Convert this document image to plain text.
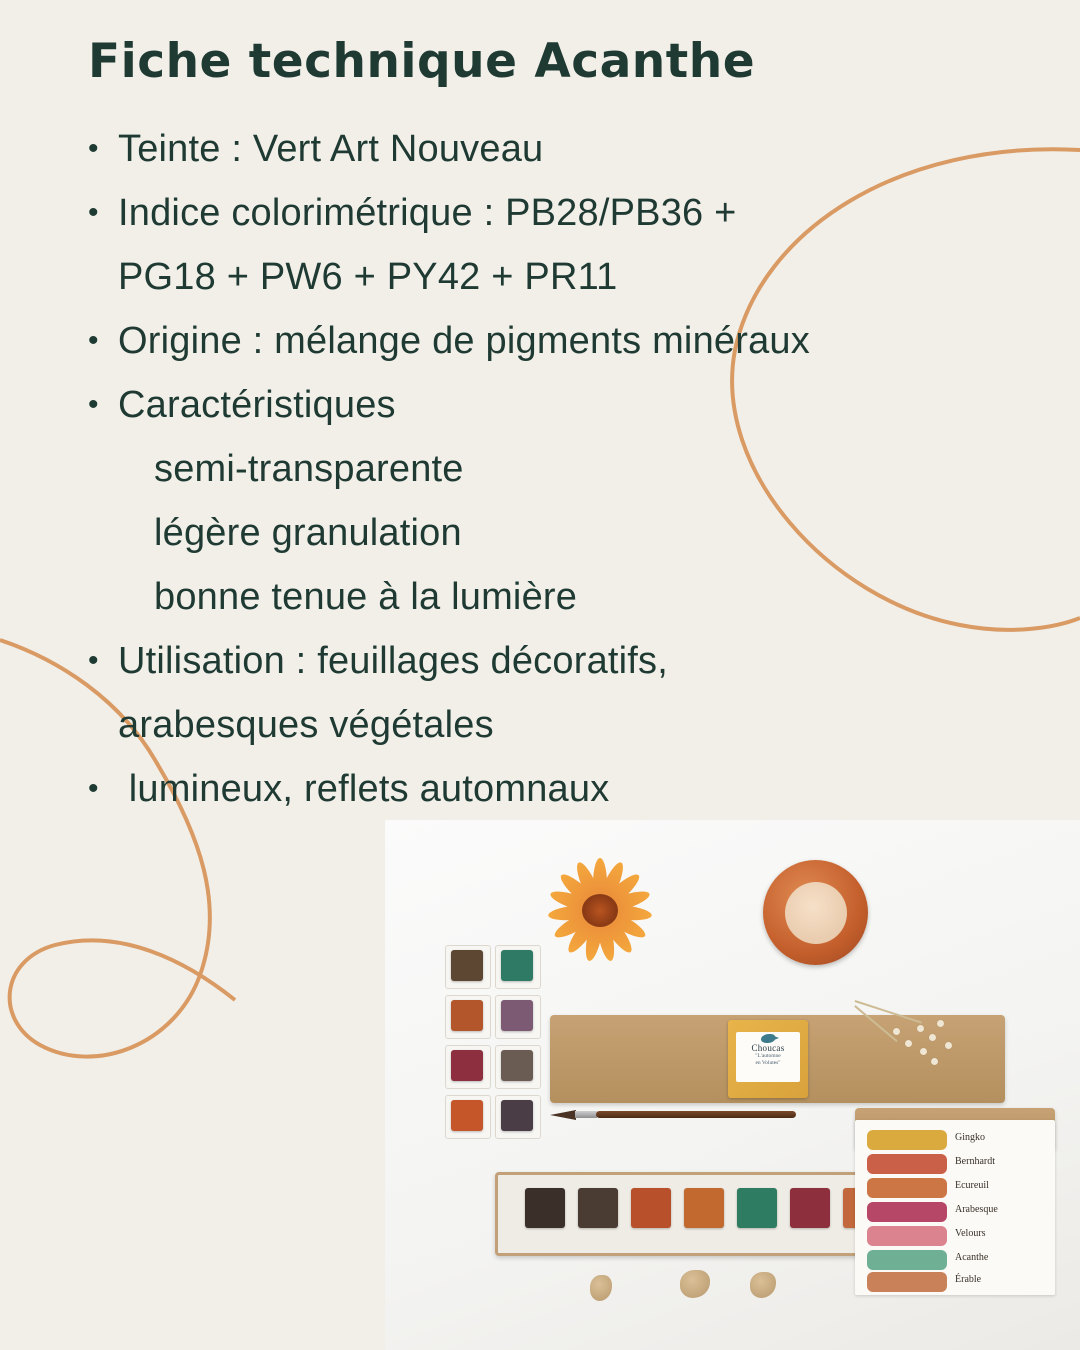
Fiche technique Acanthe
• Teinte : Vert Art Nouveau
• Indice colorimétrique : PB28/PB36 +
PG18 + PW6 + PY42 + PR11
• Origine : mélange de pigments minéraux
• Caractéristiques
semi-transparente
légère granulation
bonne tenue à la lumière
• Utilisation : feuillages décoratifs,
arabesques végétales
• lumineux, reflets automnaux
Choucas
"L'automne
en Volutes"
Gingko
Bernhardt
Ecureuil
Arabesque
Velours
Acanthe
Érable
